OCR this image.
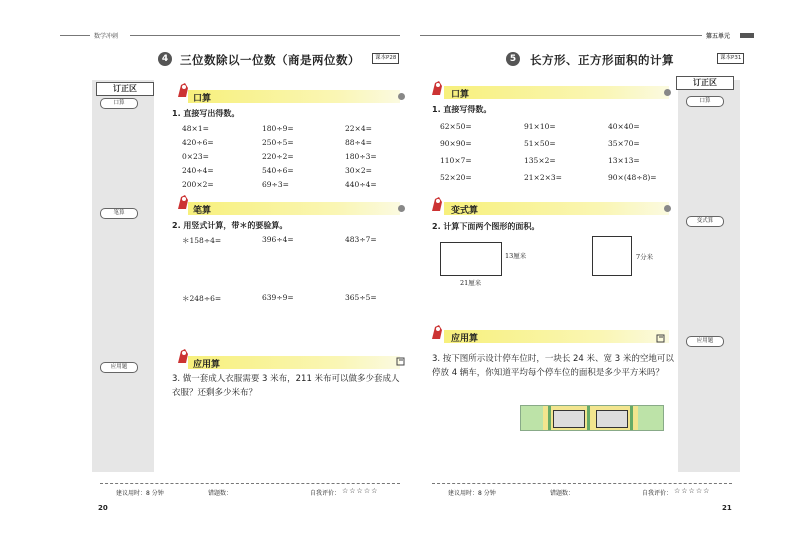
数学冲刺
4	三位数除以一位数（商是两位数）	课本P28
订正区
口算
笔算
应用题
口算
1. 直接写出得数。
48×1=	180÷9=	22×4=
420÷6=	250÷5=	88÷4=
0×23=	220÷2=	180÷3=
240÷4=	540÷6=	30×2=
200×2=	69÷3=	440÷4=
笔算
2. 用竖式计算，带＊的要验算。
＊158÷4=	396÷4=	483÷7=
＊248÷6=	639÷9=	365÷5=
应用算
3. 做一套成人衣服需要 3 米布，211 米布可以做多少套成人衣服？还剩多少米布？
建议用时：8 分钟	错题数：	自我评价： ☆☆☆☆☆
20
第五单元
5	长方形、正方形面积的计算	课本P31
订正区
口算
变式算
应用题
口算
1. 直接写得数。
62×50=	91×10=	40×40=
90×90=	51×50=	35×70=
110×7=	135×2=	13×13=
52×20=	21×2×3=	90×(48÷8)=
变式算
2. 计算下面两个图形的面积。
13厘米
21厘米
7分米
应用算
3. 按下图所示设计停车位时，一块长 24 米、宽 3 米的空地可以停放 4 辆车，你知道平均每个停车位的面积是多少平方米吗？
建议用时：8 分钟	错题数：	自我评价： ☆☆☆☆☆
21
